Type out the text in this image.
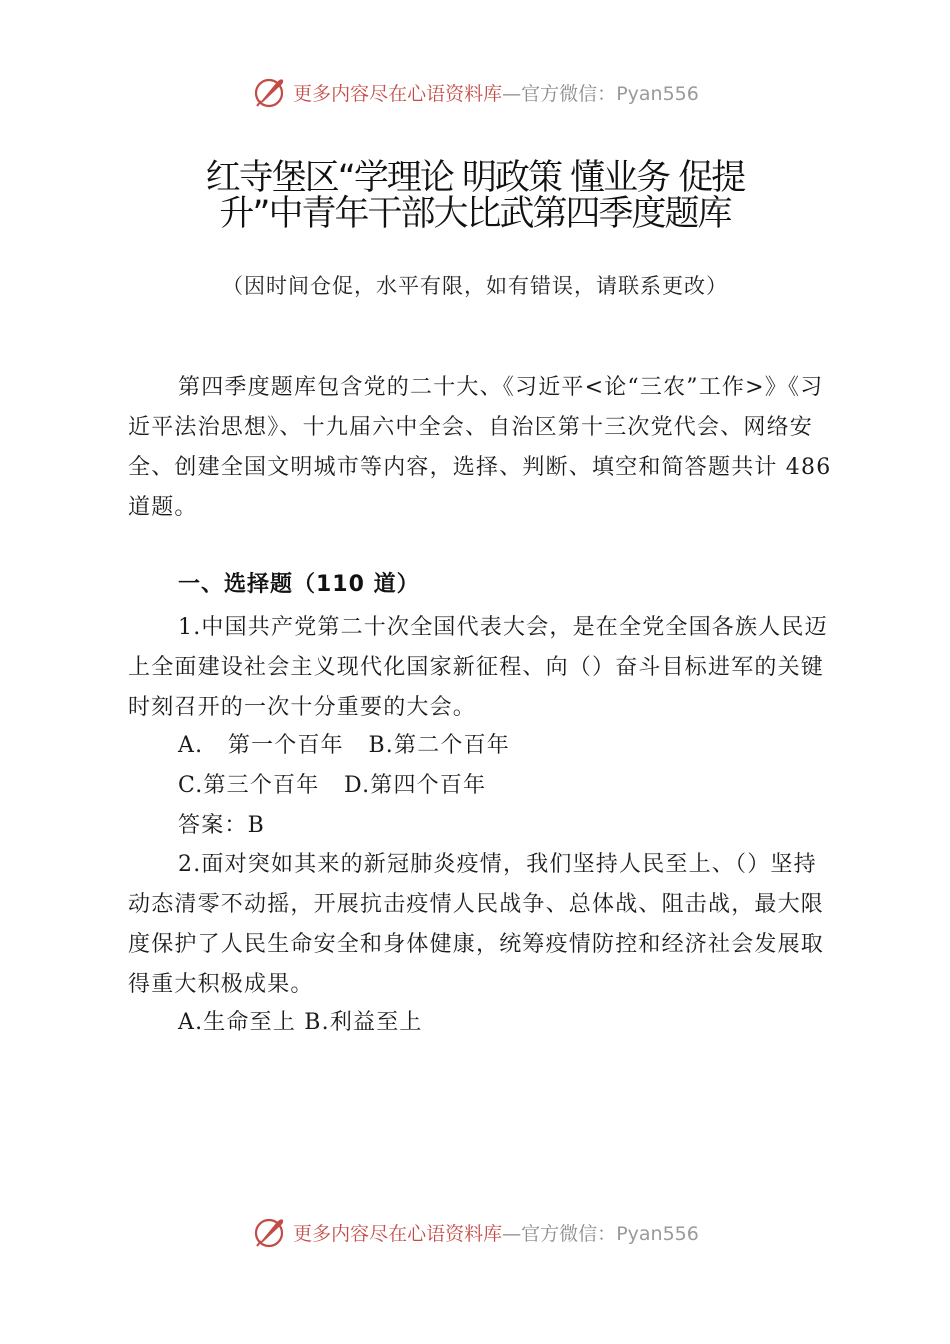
更多内容尽在心语资料库—官方微信：Pyan556
红寺堡区“学理论 明政策 懂业务 促提
升”中青年干部大比武第四季度题库
（因时间仓促，水平有限，如有错误，请联系更改）
第四季度题库包含党的二十大、《习近平<论“三农”工作>》《习近平法治思想》、十九届六中全会、自治区第十三次党代会、网络安全、创建全国文明城市等内容，选择、判断、填空和简答题共计 486 道题。
一、选择题（110 道）
1.中国共产党第二十次全国代表大会，是在全党全国各族人民迈上全面建设社会主义现代化国家新征程、向（）奋斗目标进军的关键时刻召开的一次十分重要的大会。
A.   第一个百年   B.第二个百年
C.第三个百年   D.第四个百年
答案：B
2.面对突如其来的新冠肺炎疫情，我们坚持人民至上、（）坚持动态清零不动摇，开展抗击疫情人民战争、总体战、阻击战，最大限度保护了人民生命安全和身体健康，统筹疫情防控和经济社会发展取得重大积极成果。
A.生命至上 B.利益至上
更多内容尽在心语资料库—官方微信：Pyan556
